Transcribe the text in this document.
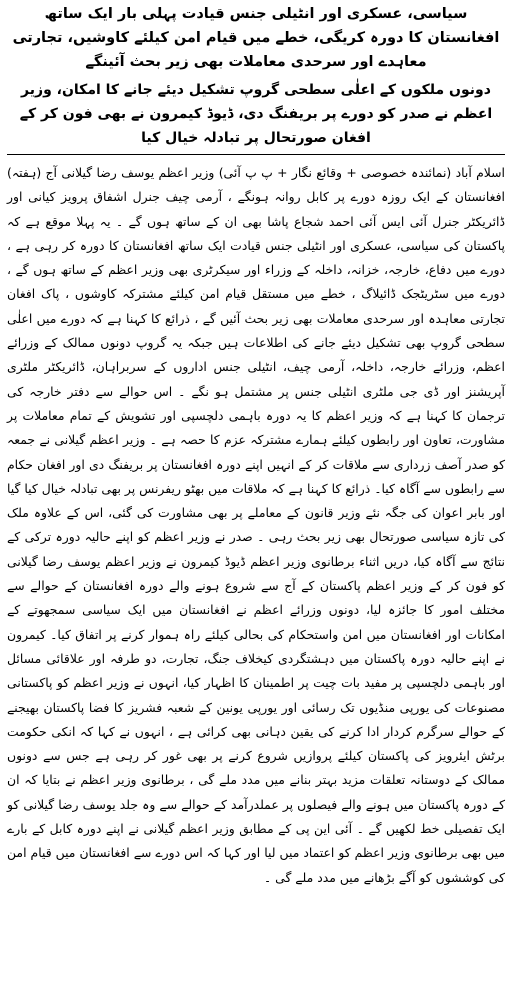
سیاسی، عسکری اور انٹیلی جنس قیادت پہلی بار ایک ساتھ افغانستان کا دورہ کریگی، خطے میں قیام امن کیلئے کاوشیں، تجارتی معاہدے اور سرحدی معاملات بھی زیر بحث آئینگے
دونوں ملکوں کے اعلٰی سطحی گروپ تشکیل دیئے جانے کا امکان، وزیر اعظم نے صدر کو دورے پر بریفنگ دی، ڈیوڈ کیمرون نے بھی فون کر کے افغان صورتحال پر تبادلہ خیال کیا

اسلام آباد (نمائندہ خصوصی + وقائع نگار + پ پ آئی) وزیر اعظم یوسف رضا گیلانی آج (ہفتہ) افغانستان کے ایک روزہ دورے پر کابل روانہ ہونگے ، آرمی چیف جنرل اشفاق پرویز کیانی اور ڈائریکٹر جنرل آئی ایس آئی احمد شجاع پاشا بھی ان کے ساتھ ہوں گے ۔ یہ پہلا موقع ہے کہ پاکستان کی سیاسی، عسکری اور انٹیلی جنس قیادت ایک ساتھ افغانستان کا دورہ کر رہی ہے ، دورے میں دفاع، خارجہ، خزانہ، داخلہ کے وزراء اور سیکرٹری بھی وزیر اعظم کے ساتھ ہوں گے ، دورے میں سٹریٹجک ڈائیلاگ ، خطے میں مستقل قیام امن کیلئے مشترکہ کاوشوں ، پاک افغان تجارتی معاہدہ اور سرحدی معاملات بھی زیر بحث آئیں گے ، ذرائع کا کہنا ہے کہ دورے میں اعلٰی سطحی گروپ بھی تشکیل دیئے جانے کی اطلاعات ہیں جبکہ یہ گروپ دونوں ممالک کے وزرائے اعظم، وزرائے خارجہ، داخلہ، آرمی چیف، انٹیلی جنس اداروں کے سربراہان، ڈائریکٹر ملٹری آپریشنز اور ڈی جی ملٹری انٹیلی جنس پر مشتمل ہو نگے ۔ اس حوالے سے دفتر خارجہ کی ترجمان کا کہنا ہے کہ وزیر اعظم کا یہ دورہ باہمی دلچسپی اور تشویش کے تمام معاملات پر مشاورت، تعاون اور رابطوں کیلئے ہمارے مشترکہ عزم کا حصہ ہے ۔ وزیر اعظم گیلانی نے جمعہ کو صدر آصف زرداری سے ملاقات کر کے انہیں اپنے دورہ افغانستان پر بریفنگ دی اور افغان حکام سے رابطوں سے آگاہ کیا۔ ذرائع کا کہنا ہے کہ ملاقات میں بھٹو ریفرنس پر بھی تبادلہ خیال کیا گیا اور بابر اعوان کی جگہ نئے وزیر قانون کے معاملے پر بھی مشاورت کی گئی، اس کے علاوہ ملک کی تازہ سیاسی صورتحال بھی زیر بحث رہی ۔ صدر نے وزیر اعظم کو اپنے حالیہ دورہ ترکی کے نتائج سے آگاہ کیا، دریں اثناء برطانوی وزیر اعظم ڈیوڈ کیمرون نے وزیر اعظم یوسف رضا گیلانی کو فون کر کے وزیر اعظم پاکستان کے آج سے شروع ہونے والے دورہ افغانستان کے حوالے سے مختلف امور کا جائزہ لیا، دونوں وزرائے اعظم نے افغانستان میں ایک سیاسی سمجھوتے کے امکانات اور افغانستان میں امن واستحکام کی بحالی کیلئے راہ ہموار کرنے پر اتفاق کیا۔ کیمرون نے اپنے حالیہ دورہ پاکستان میں دہشتگردی کیخلاف جنگ، تجارت، دو طرفہ اور علاقائی مسائل اور باہمی دلچسپی پر مفید بات چیت پر اطمینان کا اظہار کیا، انہوں نے وزیر اعظم کو پاکستانی مصنوعات کی یورپی منڈیوں تک رسائی اور یورپی یونین کے شعبہ فشریز کا فضا پاکستان بھیجنے کے حوالے سرگرم کردار ادا کرنے کی یقین دہانی بھی کرائی ہے ، انہوں نے کہا کہ انکی حکومت برٹش ایئرویز کی پاکستان کیلئے پروازیں شروع کرنے پر بھی غور کر رہی ہے جس سے دونوں ممالک کے دوستانہ تعلقات مزید بہتر بنانے میں مدد ملے گی ، برطانوی وزیر اعظم نے بتایا کہ ان کے دورہ پاکستان میں ہونے والے فیصلوں پر عملدرآمد کے حوالے سے وہ جلد یوسف رضا گیلانی کو ایک تفصیلی خط لکھیں گے ۔ آئی این پی کے مطابق وزیر اعظم گیلانی نے اپنے دورہ کابل کے بارے میں بھی برطانوی وزیر اعظم کو اعتماد میں لیا اور کہا کہ اس دورے سے افغانستان میں قیام امن کی کوششوں کو آگے بڑھانے میں مدد ملے گی ۔
